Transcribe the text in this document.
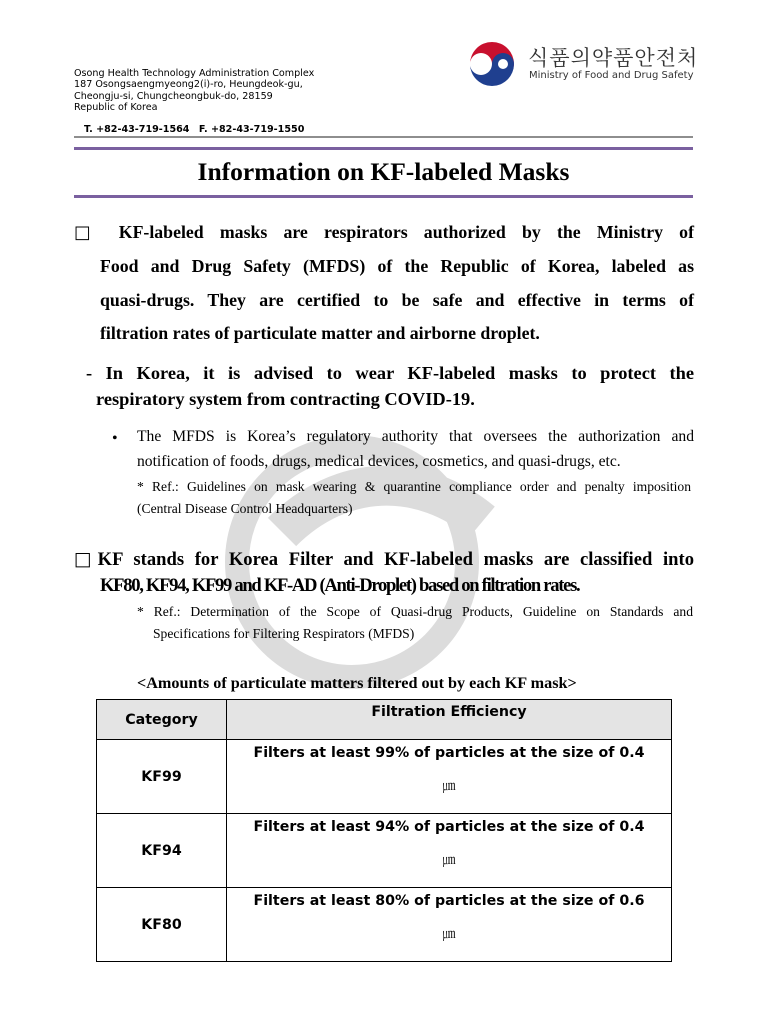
Osong Health Technology Administration Complex
187 Osongsaengmyeong2(i)-ro, Heungdeok-gu,
Cheongju-si, Chungcheongbuk-do, 28159
Republic of Korea
T. +82-43-719-1564 F. +82-43-719-1550
식품의약품안전처
Ministry of Food and Drug Safety
Information on KF-labeled Masks
□ KF-labeled masks are respirators authorized by the Ministry of
Food and Drug Safety (MFDS) of the Republic of Korea, labeled as
quasi-drugs. They are certified to be safe and effective in terms of
filtration rates of particulate matter and airborne droplet.
- In Korea, it is advised to wear KF-labeled masks to protect the
respiratory system from contracting COVID-19.
• The MFDS is Korea’s regulatory authority that oversees the authorization and
notification of foods, drugs, medical devices, cosmetics, and quasi-drugs, etc.
* Ref.: Guidelines on mask wearing & quarantine compliance order and penalty imposition
(Central Disease Control Headquarters)
□KF stands for Korea Filter and KF-labeled masks are classified into
KF80, KF94, KF99 and KF-AD (Anti-Droplet) based on filtration rates.
* Ref.: Determination of the Scope of Quasi-drug Products, Guideline on Standards and
Specifications for Filtering Respirators (MFDS)
<Amounts of particulate matters filtered out by each KF mask>
Category	Filtration Efficiency
KF99	Filters at least 99% of particles at the size of 0.4
㎛

KF94	Filters at least 94% of particles at the size of 0.4
㎛

KF80	Filters at least 80% of particles at the size of 0.6
㎛
